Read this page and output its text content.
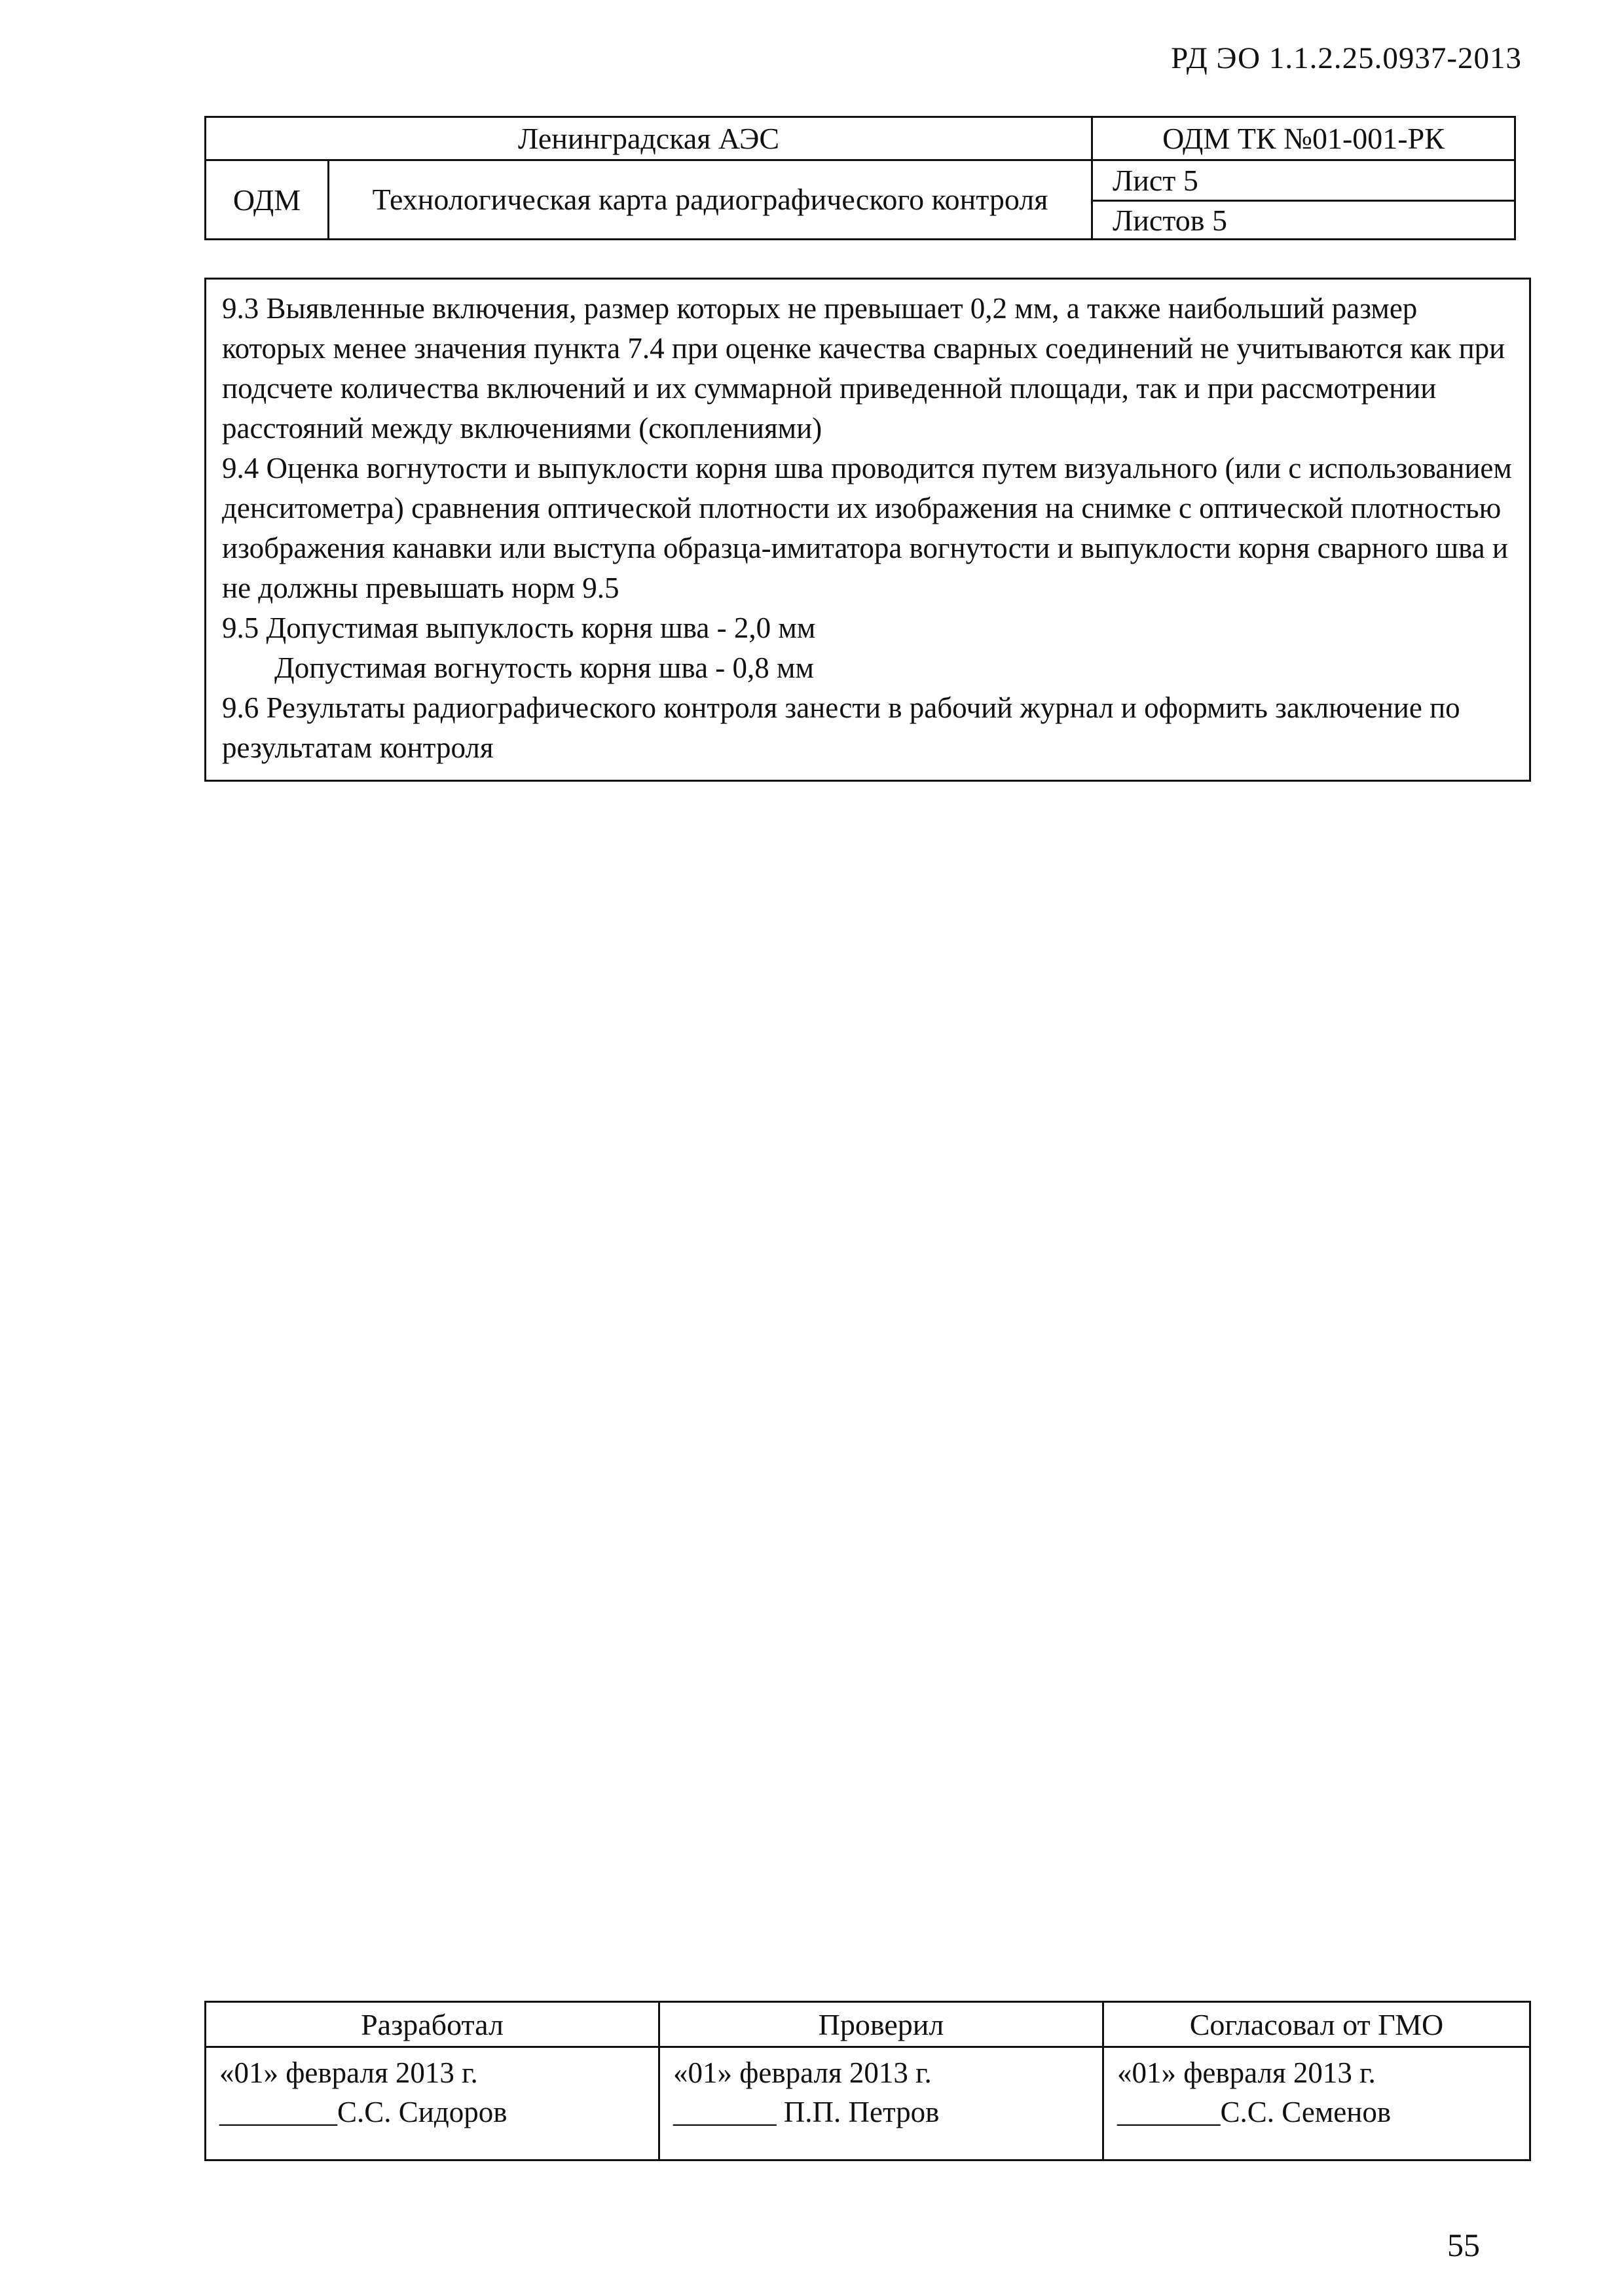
РД ЭО 1.1.2.25.0937-2013
Ленинградская АЭС	ОДМ ТК №01-001-РК
ОДМ	Технологическая карта радиографического контроля
Лист 5
Листов 5

9.3 Выявленные включения, размер которых не превышает 0,2 мм, а также наибольший размер которых менее значения пункта 7.4 при оценке качества сварных соединений не учитываются как при подсчете количества включений и их суммарной приведенной площади, так и при рассмотрении расстояний между включениями (скоплениями)

9.4 Оценка вогнутости и выпуклости корня шва проводится путем визуального (или с использованием денситометра) сравнения оптической плотности их изображения на снимке с оптической плотностью изображения канавки или выступа образца-имитатора вогнутости и выпуклости корня сварного шва и не должны превышать норм 9.5

9.5 Допустимая выпуклость корня шва - 2,0 мм

Допустимая вогнутость корня шва - 0,8 мм

9.6 Результаты радиографического контроля занести в рабочий журнал и оформить заключение по результатам контроля

Разработал
«01» февраля 2013 г.
________С.С. Сидоров
Проверил
«01» февраля 2013 г.
_______ П.П. Петров
Согласовал от ГМО
«01» февраля 2013 г.
_______С.С. Семенов
55
